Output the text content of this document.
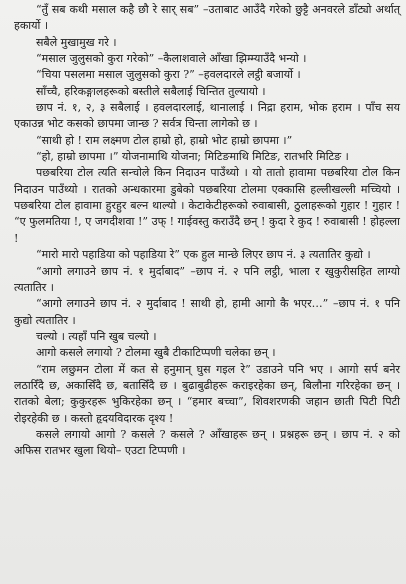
“तुँ सब कथी मसाल कहै छौ रे सार् सब” –उताबाट आउँदै गरेको छुट्टै अनवरले डाँट्यो अर्थात् हकार्यो ।

सबैले मुखामुख गरे ।

“मसाल जुलुसको कुरा गरेको” –कैलाशवाले आँखा झिम्म्याउँदै भन्यो ।

“चिया पसलमा मसाल जुलुसको कुरा ?” –हवलदारले लट्ठी बजार्यो ।

साँच्चै, हरिकङ्गालहरूको बस्तीले सबैलाई चिन्तित तुल्यायो ।

छाप नं. १, २, ३ सबैलाई । हवलदारलाई, थानालाई । निद्रा हराम, भोक हराम । पाँच सय एकाउन्न भोट कसको छापमा जान्छ ? सर्वत्र चिन्ता लागेको छ ।

“साथी हो ! राम लक्ष्मण टोल हाम्रो हो, हाम्रो भोट हाम्रो छापमा ।”

“हो, हाम्रो छापमा ।” योजनामाथि योजना; मिटिङमाथि मिटिङ, रातभरि मिटिङ ।

पछबरिया टोल त्यति सन्चोले किन निदाउन पाउँथ्यो । यो तातो हावामा पछबरिया टोल किन निदाउन पाउँथ्यो । रातको अन्धकारमा डुबेको पछबरिया टोलमा एक्कासि हल्लीखल्ली मच्चियो । पछबरिया टोल हावामा हुरहुर बल्न थाल्यो । केटाकेटीहरूको रुवाबासी, ठुलाहरूको गुहार ! गुहार ! “ए फुलमतिया !, ए जगदीशवा !” उफ् ! गाईवस्तु कराउँदै छन् ! कुदा रे कुद ! रुवाबासी ! होहल्ला !

“मारो मारो पहाडिया को पहाडिया रे” एक हुल मान्छे लिएर छाप नं. ३ त्यतातिर कुद्यो ।

“आगो लगाउने छाप नं. १ मुर्दाबाद” –छाप नं. २ पनि लट्ठी, भाला र खुकुरीसहित लाग्यो त्यतातिर ।

“आगो लगाउने छाप नं. २ मुर्दाबाद ! साथी हो, हामी आगो कै भएर…” –छाप नं. १ पनि कुद्यो त्यतातिर ।

चल्यो । त्यहाँ पनि खुब चल्यो ।

आगो कसले लगायो ? टोलमा खुबै टीकाटिप्पणी चलेका छन् ।

“राम लछुमन टोला में कत से हनुमान् घुस गइल रे” उडाउने पनि भए । आगो सर्प बनेर लठारिँदै छ, अकासिँदै छ, बतासिँदै छ । बुढाबुढीहरू कराइरहेका छन्, बिलौना गरिरहेका छन् । रातको बेला; कुकुरहरू भुकिरहेका छन् । “हमार बच्चा”, शिवशरणकी जहान छाती पिटी पिटी रोइरहेकी छ । कस्तो हृदयविदारक दृश्य !

कसले लगायो आगो ? कसले ? कसले ? आँखाहरू छन् । प्रश्नहरू छन् । छाप नं. २ को अफिस रातभर खुला थियो– एउटा टिप्पणी ।
